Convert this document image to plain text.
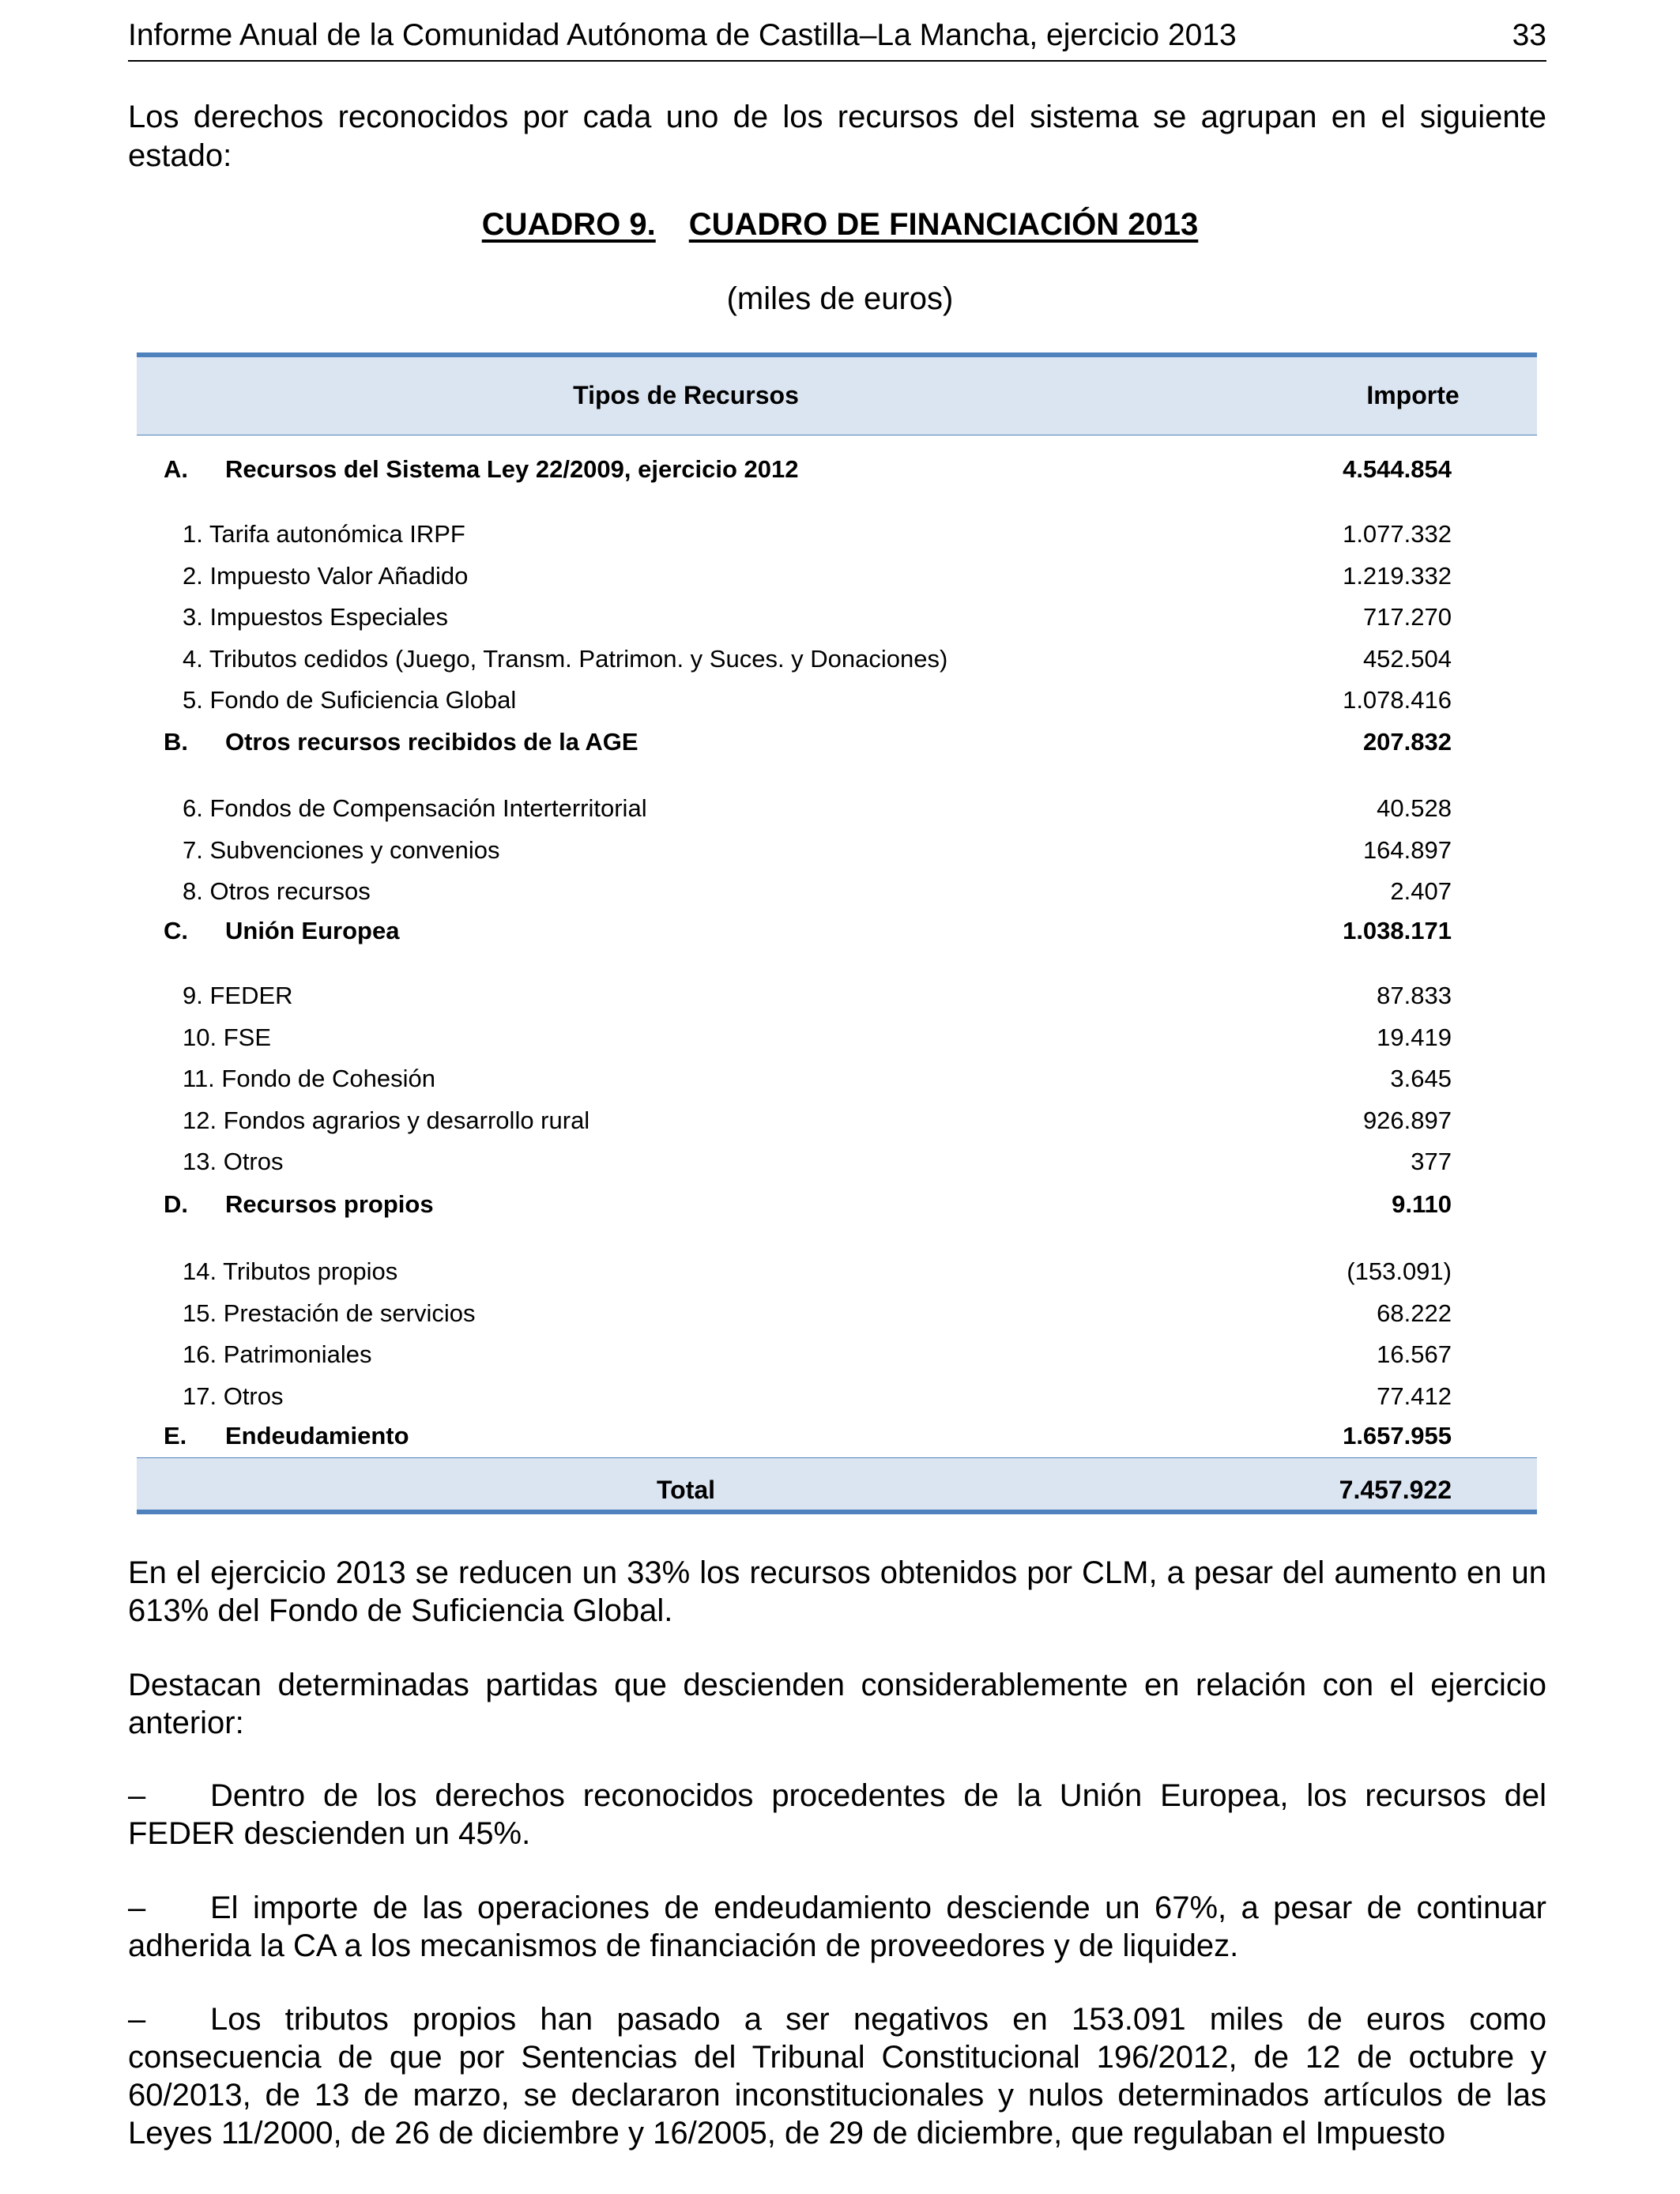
Informe Anual de la Comunidad Autónoma de Castilla–La Mancha, ejercicio 2013	33
Los derechos reconocidos por cada uno de los recursos del sistema se agrupan en el siguiente estado:
CUADRO 9. CUADRO DE FINANCIACIÓN 2013
(miles de euros)
Tipos de Recursos	Importe
A. Recursos del Sistema Ley 22/2009, ejercicio 2012	4.544.854
1. Tarifa autonómica IRPF	1.077.332
2. Impuesto Valor Añadido	1.219.332
3. Impuestos Especiales	717.270
4. Tributos cedidos (Juego, Transm. Patrimon. y Suces. y Donaciones)	452.504
5. Fondo de Suficiencia Global	1.078.416
B. Otros recursos recibidos de la AGE	207.832
6. Fondos de Compensación Interterritorial	40.528
7. Subvenciones y convenios	164.897
8. Otros recursos	2.407
C. Unión Europea	1.038.171
9. FEDER	87.833
10. FSE	19.419
11. Fondo de Cohesión	3.645
12. Fondos agrarios y desarrollo rural	926.897
13. Otros	377
D. Recursos propios	9.110
14. Tributos propios	(153.091)
15. Prestación de servicios	68.222
16. Patrimoniales	16.567
17. Otros	77.412
E. Endeudamiento	1.657.955
Total	7.457.922
En el ejercicio 2013 se reducen un 33% los recursos obtenidos por CLM, a pesar del aumento en un 613% del Fondo de Suficiencia Global.
Destacan determinadas partidas que descienden considerablemente en relación con el ejercicio anterior:
– Dentro de los derechos reconocidos procedentes de la Unión Europea, los recursos del FEDER descienden un 45%.
– El importe de las operaciones de endeudamiento desciende un 67%, a pesar de continuar adherida la CA a los mecanismos de financiación de proveedores y de liquidez.
– Los tributos propios han pasado a ser negativos en 153.091 miles de euros como consecuencia de que por Sentencias del Tribunal Constitucional 196/2012, de 12 de octubre y 60/2013, de 13 de marzo, se declararon inconstitucionales y nulos determinados artículos de las Leyes 11/2000, de 26 de diciembre y 16/2005, de 29 de diciembre, que regulaban el Impuesto
